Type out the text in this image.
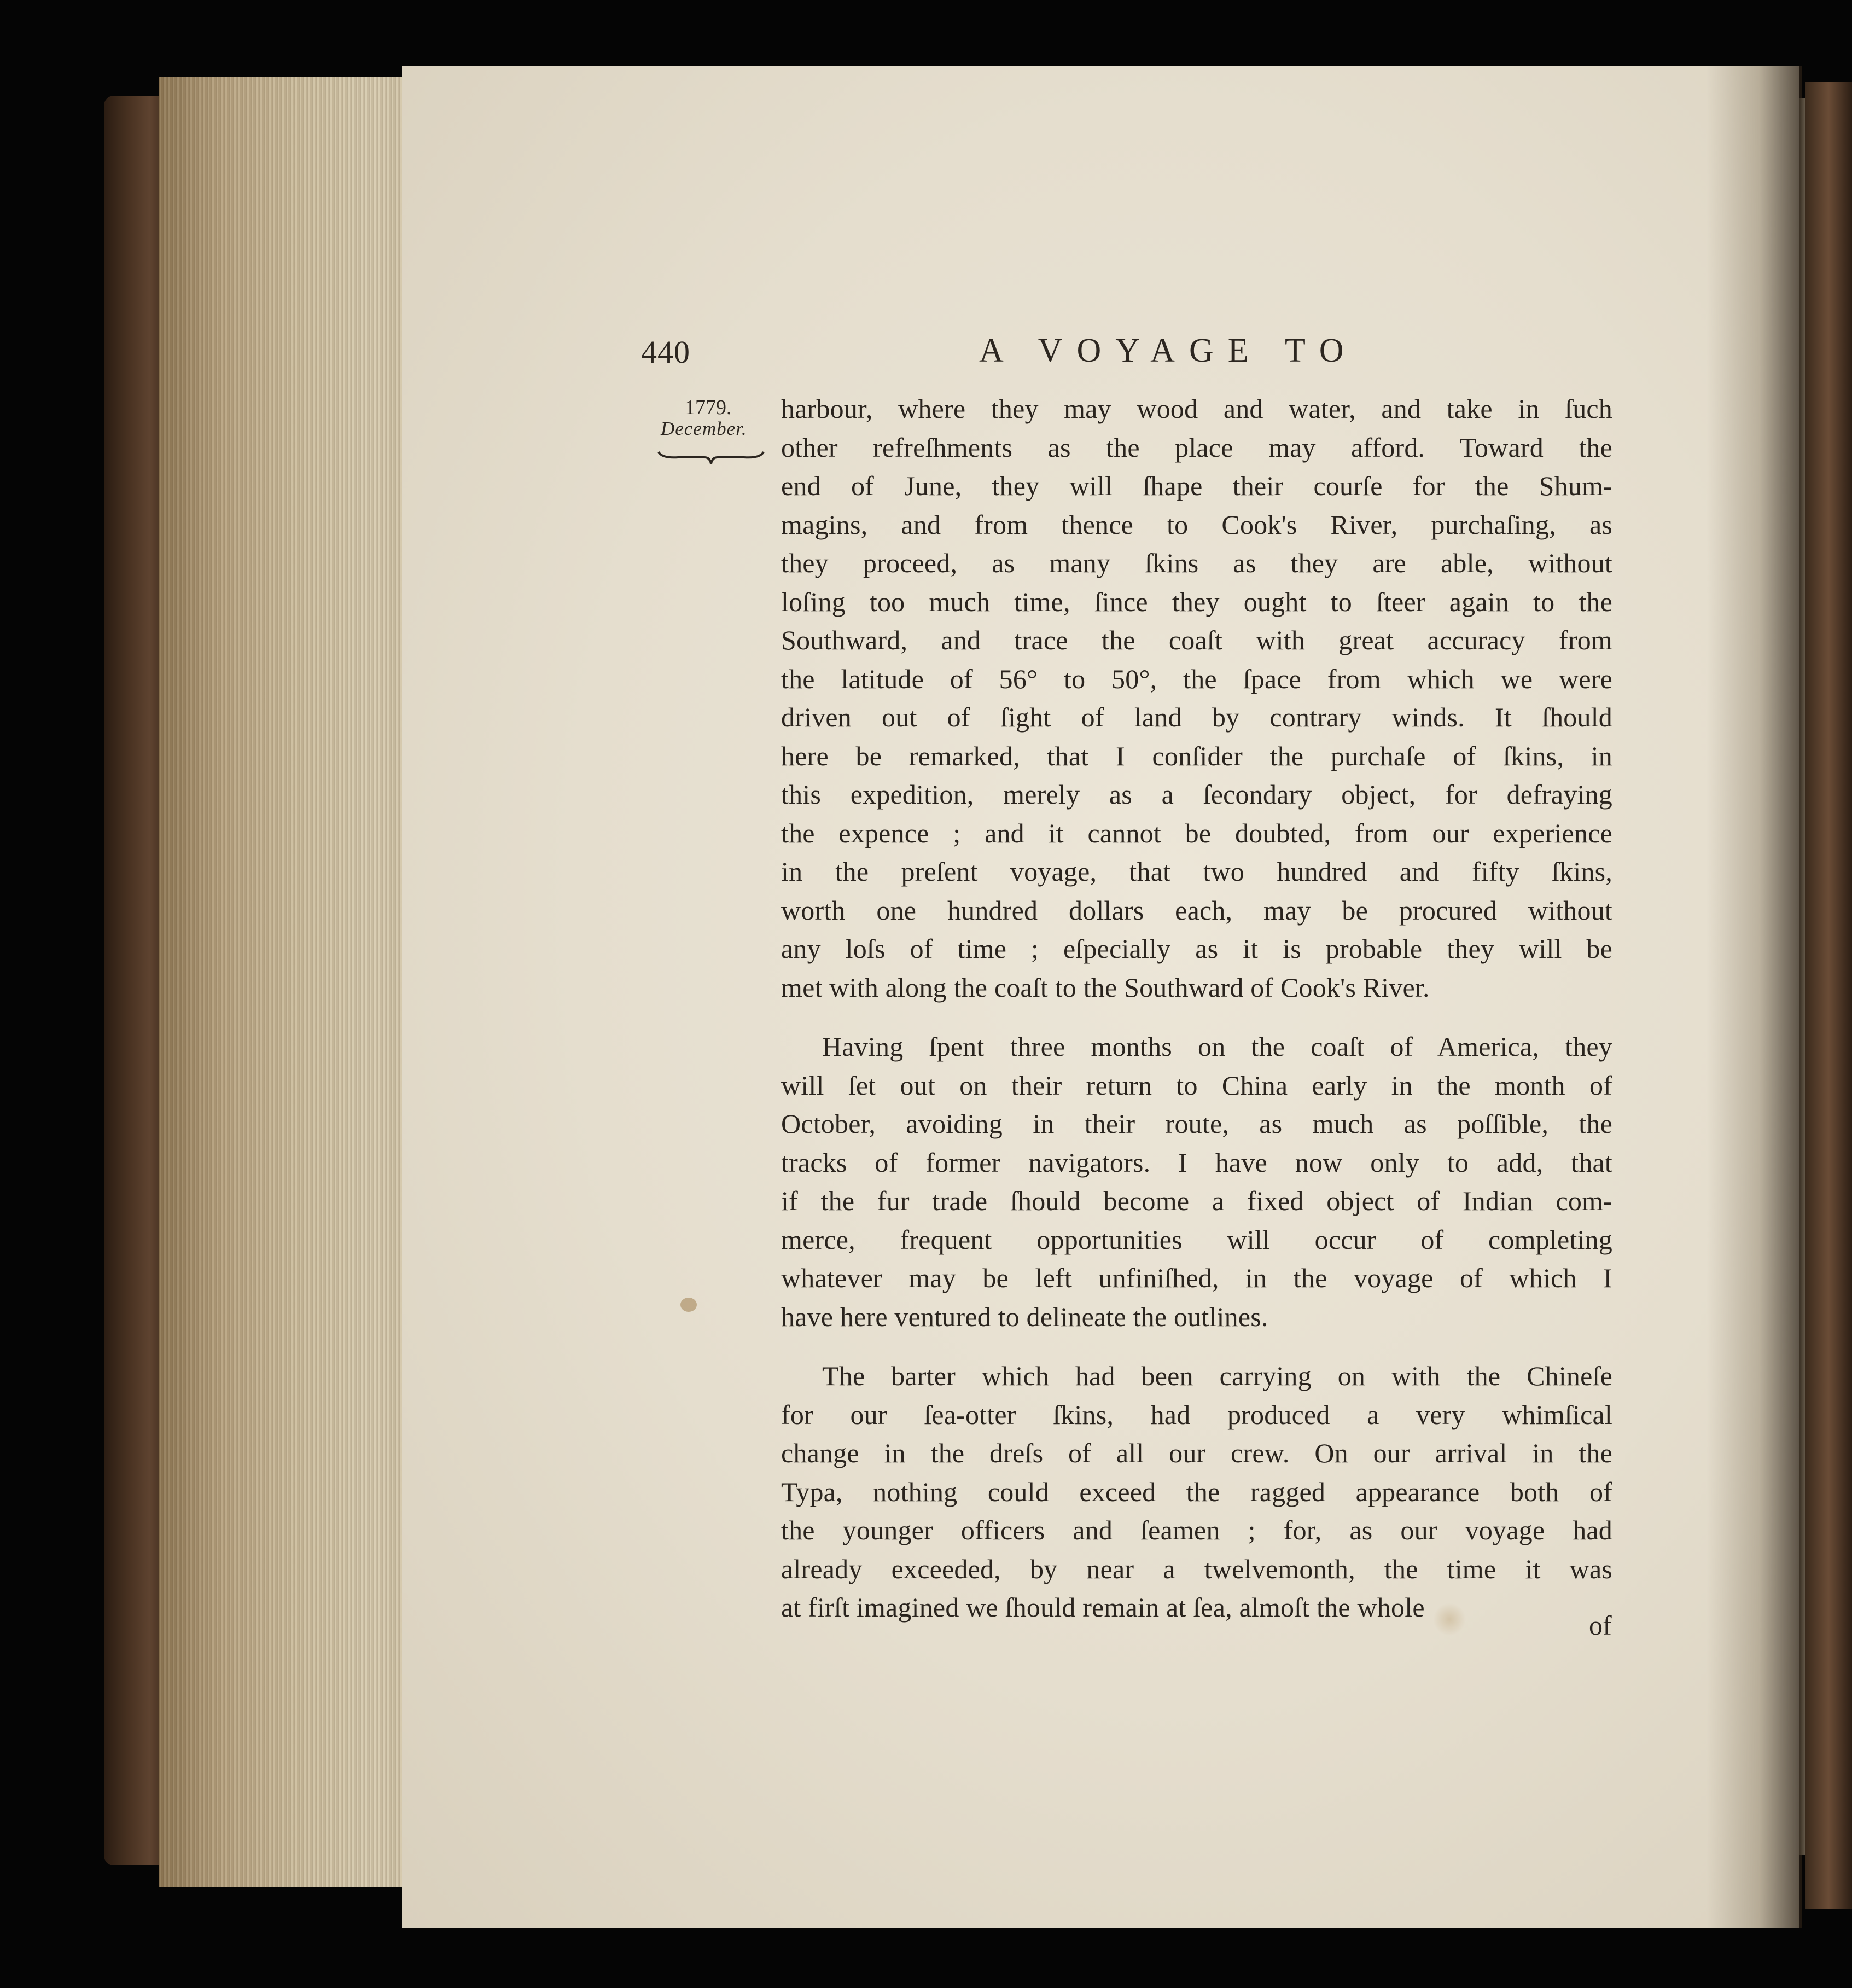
440	A VOYAGE TO
1779.
December.
harbour, where they may wood and water, and take in ſuch
other refreſhments as the place may afford. Toward the
end of June, they will ſhape their courſe for the Shum-
magins, and from thence to Cook's River, purchaſing, as
they proceed, as many ſkins as they are able, without
loſing too much time, ſince they ought to ſteer again to the
Southward, and trace the coaſt with great accuracy from
the latitude of 56° to 50°, the ſpace from which we were
driven out of ſight of land by contrary winds. It ſhould
here be remarked, that I conſider the purchaſe of ſkins, in
this expedition, merely as a ſecondary object, for defraying
the expence ; and it cannot be doubted, from our experience
in the preſent voyage, that two hundred and fifty ſkins,
worth one hundred dollars each, may be procured without
any loſs of time ; eſpecially as it is probable they will be
met with along the coaſt to the Southward of Cook's River.
Having ſpent three months on the coaſt of America, they
will ſet out on their return to China early in the month of
October, avoiding in their route, as much as poſſible, the
tracks of former navigators. I have now only to add, that
if the fur trade ſhould become a fixed object of Indian com-
merce, frequent opportunities will occur of completing
whatever may be left unfiniſhed, in the voyage of which I
have here ventured to delineate the outlines.
The barter which had been carrying on with the Chineſe
for our ſea-otter ſkins, had produced a very whimſical
change in the dreſs of all our crew. On our arrival in the
Typa, nothing could exceed the ragged appearance both of
the younger officers and ſeamen ; for, as our voyage had
already exceeded, by near a twelvemonth, the time it was
at firſt imagined we ſhould remain at ſea, almoſt the whole
of
